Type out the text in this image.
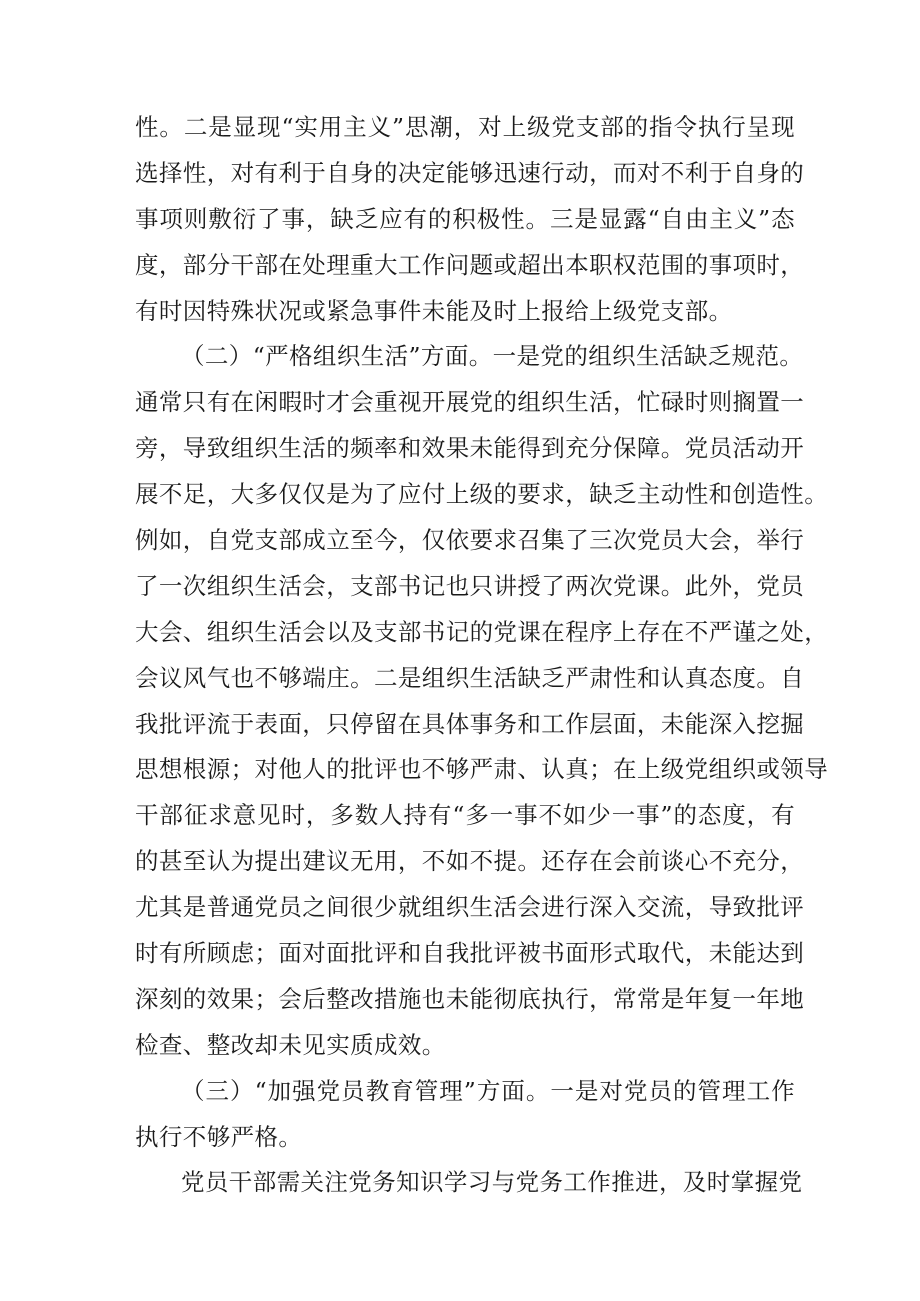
性。二是显现“实用主义”思潮，对上级党支部的指令执行呈现
选择性，对有利于自身的决定能够迅速行动，而对不利于自身的
事项则敷衍了事，缺乏应有的积极性。三是显露“自由主义”态
度，部分干部在处理重大工作问题或超出本职权范围的事项时，
有时因特殊状况或紧急事件未能及时上报给上级党支部。
（二）“严格组织生活”方面。一是党的组织生活缺乏规范。
通常只有在闲暇时才会重视开展党的组织生活，忙碌时则搁置一
旁，导致组织生活的频率和效果未能得到充分保障。党员活动开
展不足，大多仅仅是为了应付上级的要求，缺乏主动性和创造性。
例如，自党支部成立至今，仅依要求召集了三次党员大会，举行
了一次组织生活会，支部书记也只讲授了两次党课。此外，党员
大会、组织生活会以及支部书记的党课在程序上存在不严谨之处，
会议风气也不够端庄。二是组织生活缺乏严肃性和认真态度。自
我批评流于表面，只停留在具体事务和工作层面，未能深入挖掘
思想根源；对他人的批评也不够严肃、认真；在上级党组织或领导
干部征求意见时，多数人持有“多一事不如少一事”的态度，有
的甚至认为提出建议无用，不如不提。还存在会前谈心不充分，
尤其是普通党员之间很少就组织生活会进行深入交流，导致批评
时有所顾虑；面对面批评和自我批评被书面形式取代，未能达到
深刻的效果；会后整改措施也未能彻底执行，常常是年复一年地
检查、整改却未见实质成效。
（三）“加强党员教育管理”方面。一是对党员的管理工作
执行不够严格。
党员干部需关注党务知识学习与党务工作推进，及时掌握党
